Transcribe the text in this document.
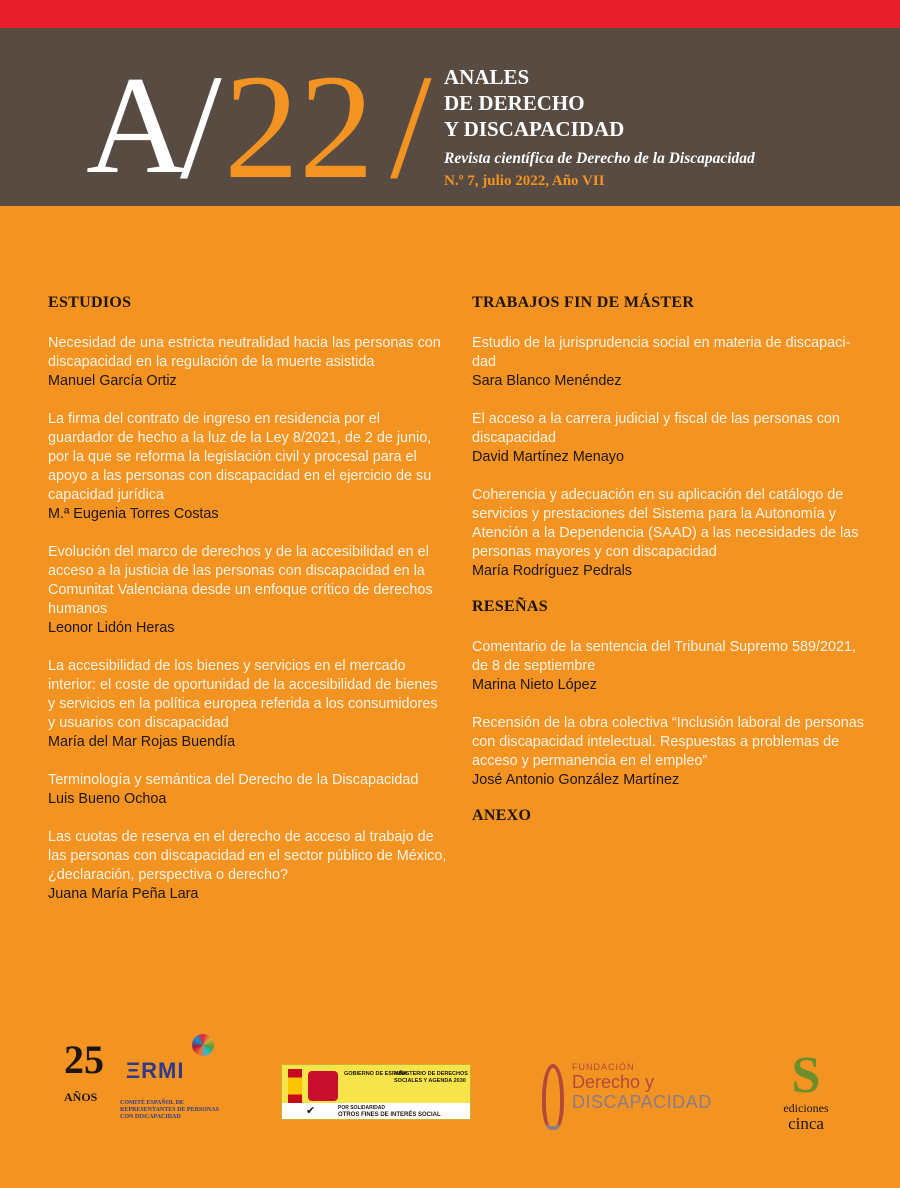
A
/ 22 / ANALES
DE DERECHO
Y DISCAPACIDAD
Revista científica de Derecho de la Discapacidad
N.º 7, julio 2022, Año VII
ESTUDIOS
Necesidad de una estricta neutralidad hacia las personas con discapacidad en la regulación de la muerte asistida
Manuel García Ortiz
La firma del contrato de ingreso en residencia por el guardador de hecho a la luz de la Ley 8/2021, de 2 de junio, por la que se reforma la legislación civil y procesal para el apoyo a las personas con discapacidad en el ejercicio de su capacidad jurídica
M.ª Eugenia Torres Costas
Evolución del marco de derechos y de la accesibilidad en el acceso a la justicia de las personas con discapacidad en la Comunitat Valenciana desde un enfoque crítico de derechos humanos
Leonor Lidón Heras
La accesibilidad de los bienes y servicios en el mercado interior: el coste de oportunidad de la accesibilidad de bienes y servicios en la política europea referida a los consumidores y usuarios con discapacidad
María del Mar Rojas Buendía
Terminología y semántica del Derecho de la Discapacidad
Luis Bueno Ochoa
Las cuotas de reserva en el derecho de acceso al trabajo de las personas con discapacidad en el sector público de México, ¿declaración, perspectiva o derecho?
Juana María Peña Lara
TRABAJOS FIN DE MÁSTER
Estudio de la jurisprudencia social en materia de discapaci-dad
Sara Blanco Menéndez
El acceso a la carrera judicial y fiscal de las personas con discapacidad
David Martínez Menayo
Coherencia y adecuación en su aplicación del catálogo de servicios y prestaciones del Sistema para la Autonomía y Atención a la Dependencia (SAAD) a las necesidades de las personas mayores y con discapacidad
María Rodríguez Pedrals
RESEÑAS
Comentario de la sentencia del Tribunal Supremo 589/2021, de 8 de septiembre
Marina Nieto López
Recensión de la obra colectiva “Inclusión laboral de personas con discapacidad intelectual. Respuestas a problemas de acceso y permanencia en el empleo”
José Antonio González Martínez
ANEXO
25 ΞRMI
AÑOS	COMITÉ ESPAÑOL DE REPRESENTANTES DE PERSONAS CON DISCAPACIDAD
GOBIERNO DE ESPAÑA
MINISTERIO DE DERECHOS SOCIALES Y AGENDA 2030
✔	POR SOLIDARIDAD
OTROS FINES DE INTERÉS SOCIAL
FUNDACIÓN
Derecho y
DISCAPACIDAD	S
ediciones
cinca
